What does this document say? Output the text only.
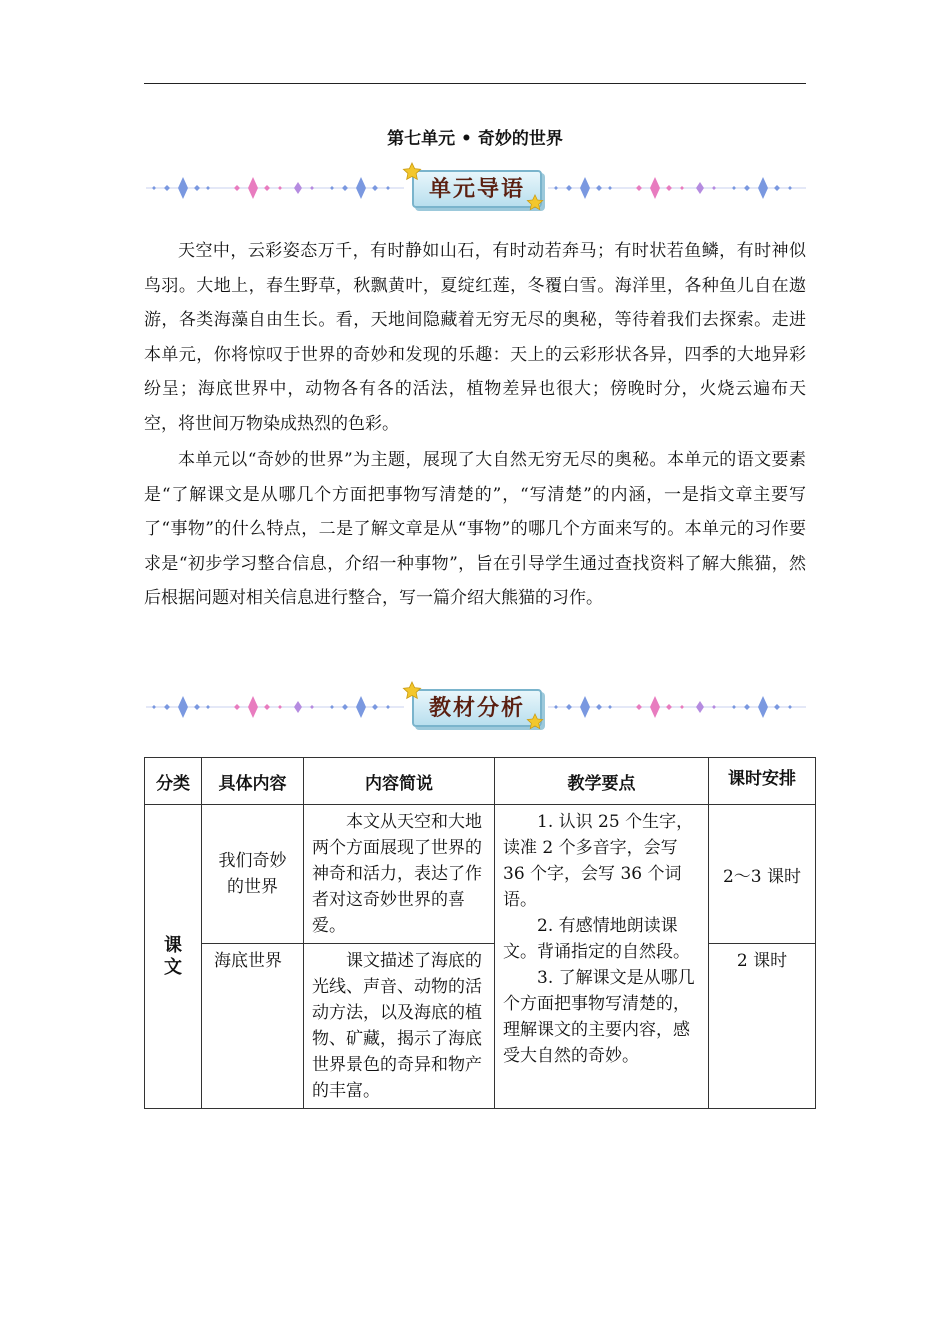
第七单元 • 奇妙的世界
单元导语

天空中，云彩姿态万千，有时静如山石，有时动若奔马；有时状若鱼鳞，有时神似鸟羽。大地上，春生野草，秋飘黄叶，夏绽红莲，冬覆白雪。海洋里，各种鱼儿自在遨游，各类海藻自由生长。看，天地间隐藏着无穷无尽的奥秘，等待着我们去探索。走进本单元，你将惊叹于世界的奇妙和发现的乐趣：天上的云彩形状各异，四季的大地异彩纷呈；海底世界中，动物各有各的活法，植物差异也很大；傍晚时分，火烧云遍布天空，将世间万物染成热烈的色彩。

本单元以“奇妙的世界”为主题，展现了大自然无穷无尽的奥秘。本单元的语文要素是“了解课文是从哪几个方面把事物写清楚的”，“写清楚”的内涵，一是指文章主要写了“事物”的什么特点，二是了解文章是从“事物”的哪几个方面来写的。本单元的习作要求是“初步学习整合信息，介绍一种事物”，旨在引导学生通过查找资料了解大熊猫，然后根据问题对相关信息进行整合，写一篇介绍大熊猫的习作。

教材分析
分类	具体内容	内容简说	教学要点	课时安排

课文	我们奇妙的世界	本文从天空和大地两个方面展现了世界的神奇和活力，表达了作者对这奇妙世界的喜爱。	1. 认识 25 个生字，读准 2 个多音字，会写 36 个字，会写 36 个词语。
2. 有感情地朗读课文。背诵指定的自然段。
3. 了解课文是从哪几个方面把事物写清楚的，理解课文的主要内容，感受大自然的奇妙。	2～3 课时

	海底世界	课文描述了海底的光线、声音、动物的活动方法，以及海底的植物、矿藏，揭示了海底世界景色的奇异和物产的丰富。		2 课时
